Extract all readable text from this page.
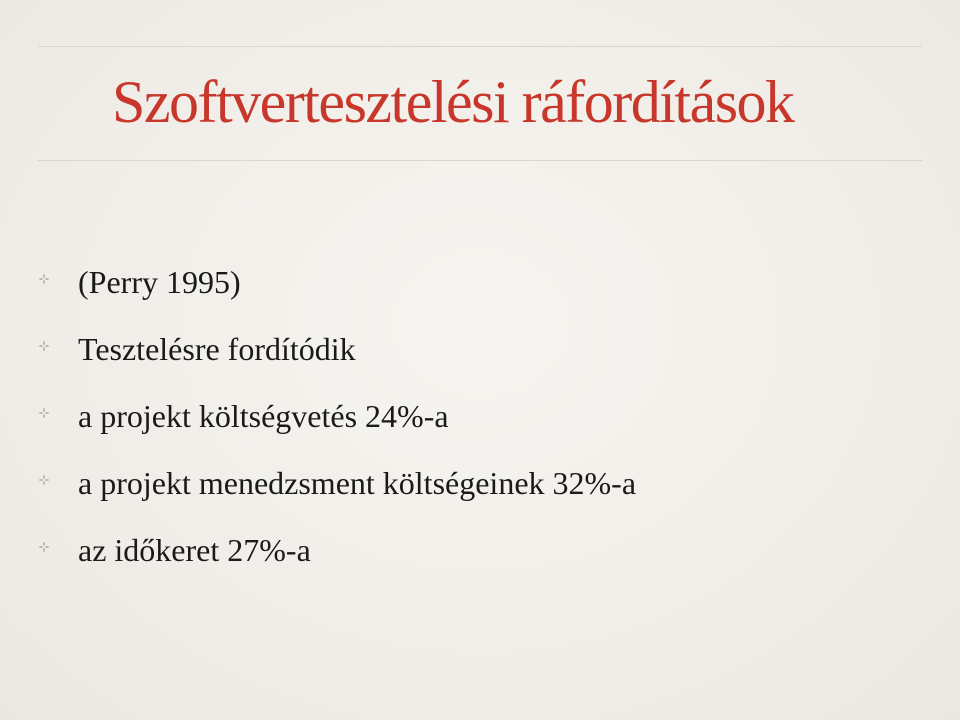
Szoftvertesztelési ráfordítások
(Perry 1995)
Tesztelésre fordítódik
a projekt költségvetés 24%-a
a projekt menedzsment költségeinek 32%-a
az időkeret 27%-a
